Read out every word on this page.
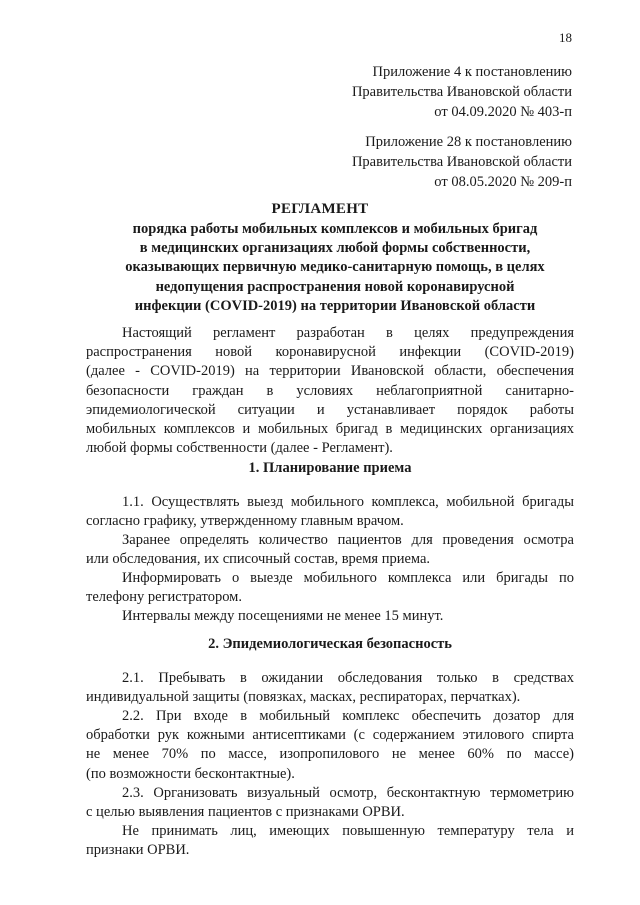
18
Приложение 4 к постановлению
Правительства Ивановской области
от 04.09.2020 № 403-п
Приложение 28 к постановлению
Правительства Ивановской области
от 08.05.2020 № 209-п
РЕГЛАМЕНТ
порядка работы мобильных комплексов и мобильных бригад
в медицинских организациях любой формы собственности,
оказывающих первичную медико-санитарную помощь, в целях
недопущения распространения новой коронавирусной
инфекции (COVID-2019) на территории Ивановской области
Настоящий регламент разработан в целях предупреждения
распространения новой коронавирусной инфекции (COVID-2019)
(далее - COVID-2019) на территории Ивановской области, обеспечения
безопасности граждан в условиях неблагоприятной санитарно-
эпидемиологической ситуации и устанавливает порядок работы
мобильных комплексов и мобильных бригад в медицинских организациях
любой формы собственности (далее - Регламент).
1. Планирование приема
1.1. Осуществлять выезд мобильного комплекса, мобильной бригады
согласно графику, утвержденному главным врачом.
Заранее определять количество пациентов для проведения осмотра
или обследования, их списочный состав, время приема.
Информировать о выезде мобильного комплекса или бригады по
телефону регистратором.
Интервалы между посещениями не менее 15 минут.
2. Эпидемиологическая безопасность
2.1. Пребывать в ожидании обследования только в средствах
индивидуальной защиты (повязках, масках, респираторах, перчатках).
2.2. При входе в мобильный комплекс обеспечить дозатор для
обработки рук кожными антисептиками (с содержанием этилового спирта
не менее 70% по массе, изопропилового не менее 60% по массе)
(по возможности бесконтактные).
2.3. Организовать визуальный осмотр, бесконтактную термометрию
с целью выявления пациентов с признаками ОРВИ.
Не принимать лиц, имеющих повышенную температуру тела и
признаки ОРВИ.
